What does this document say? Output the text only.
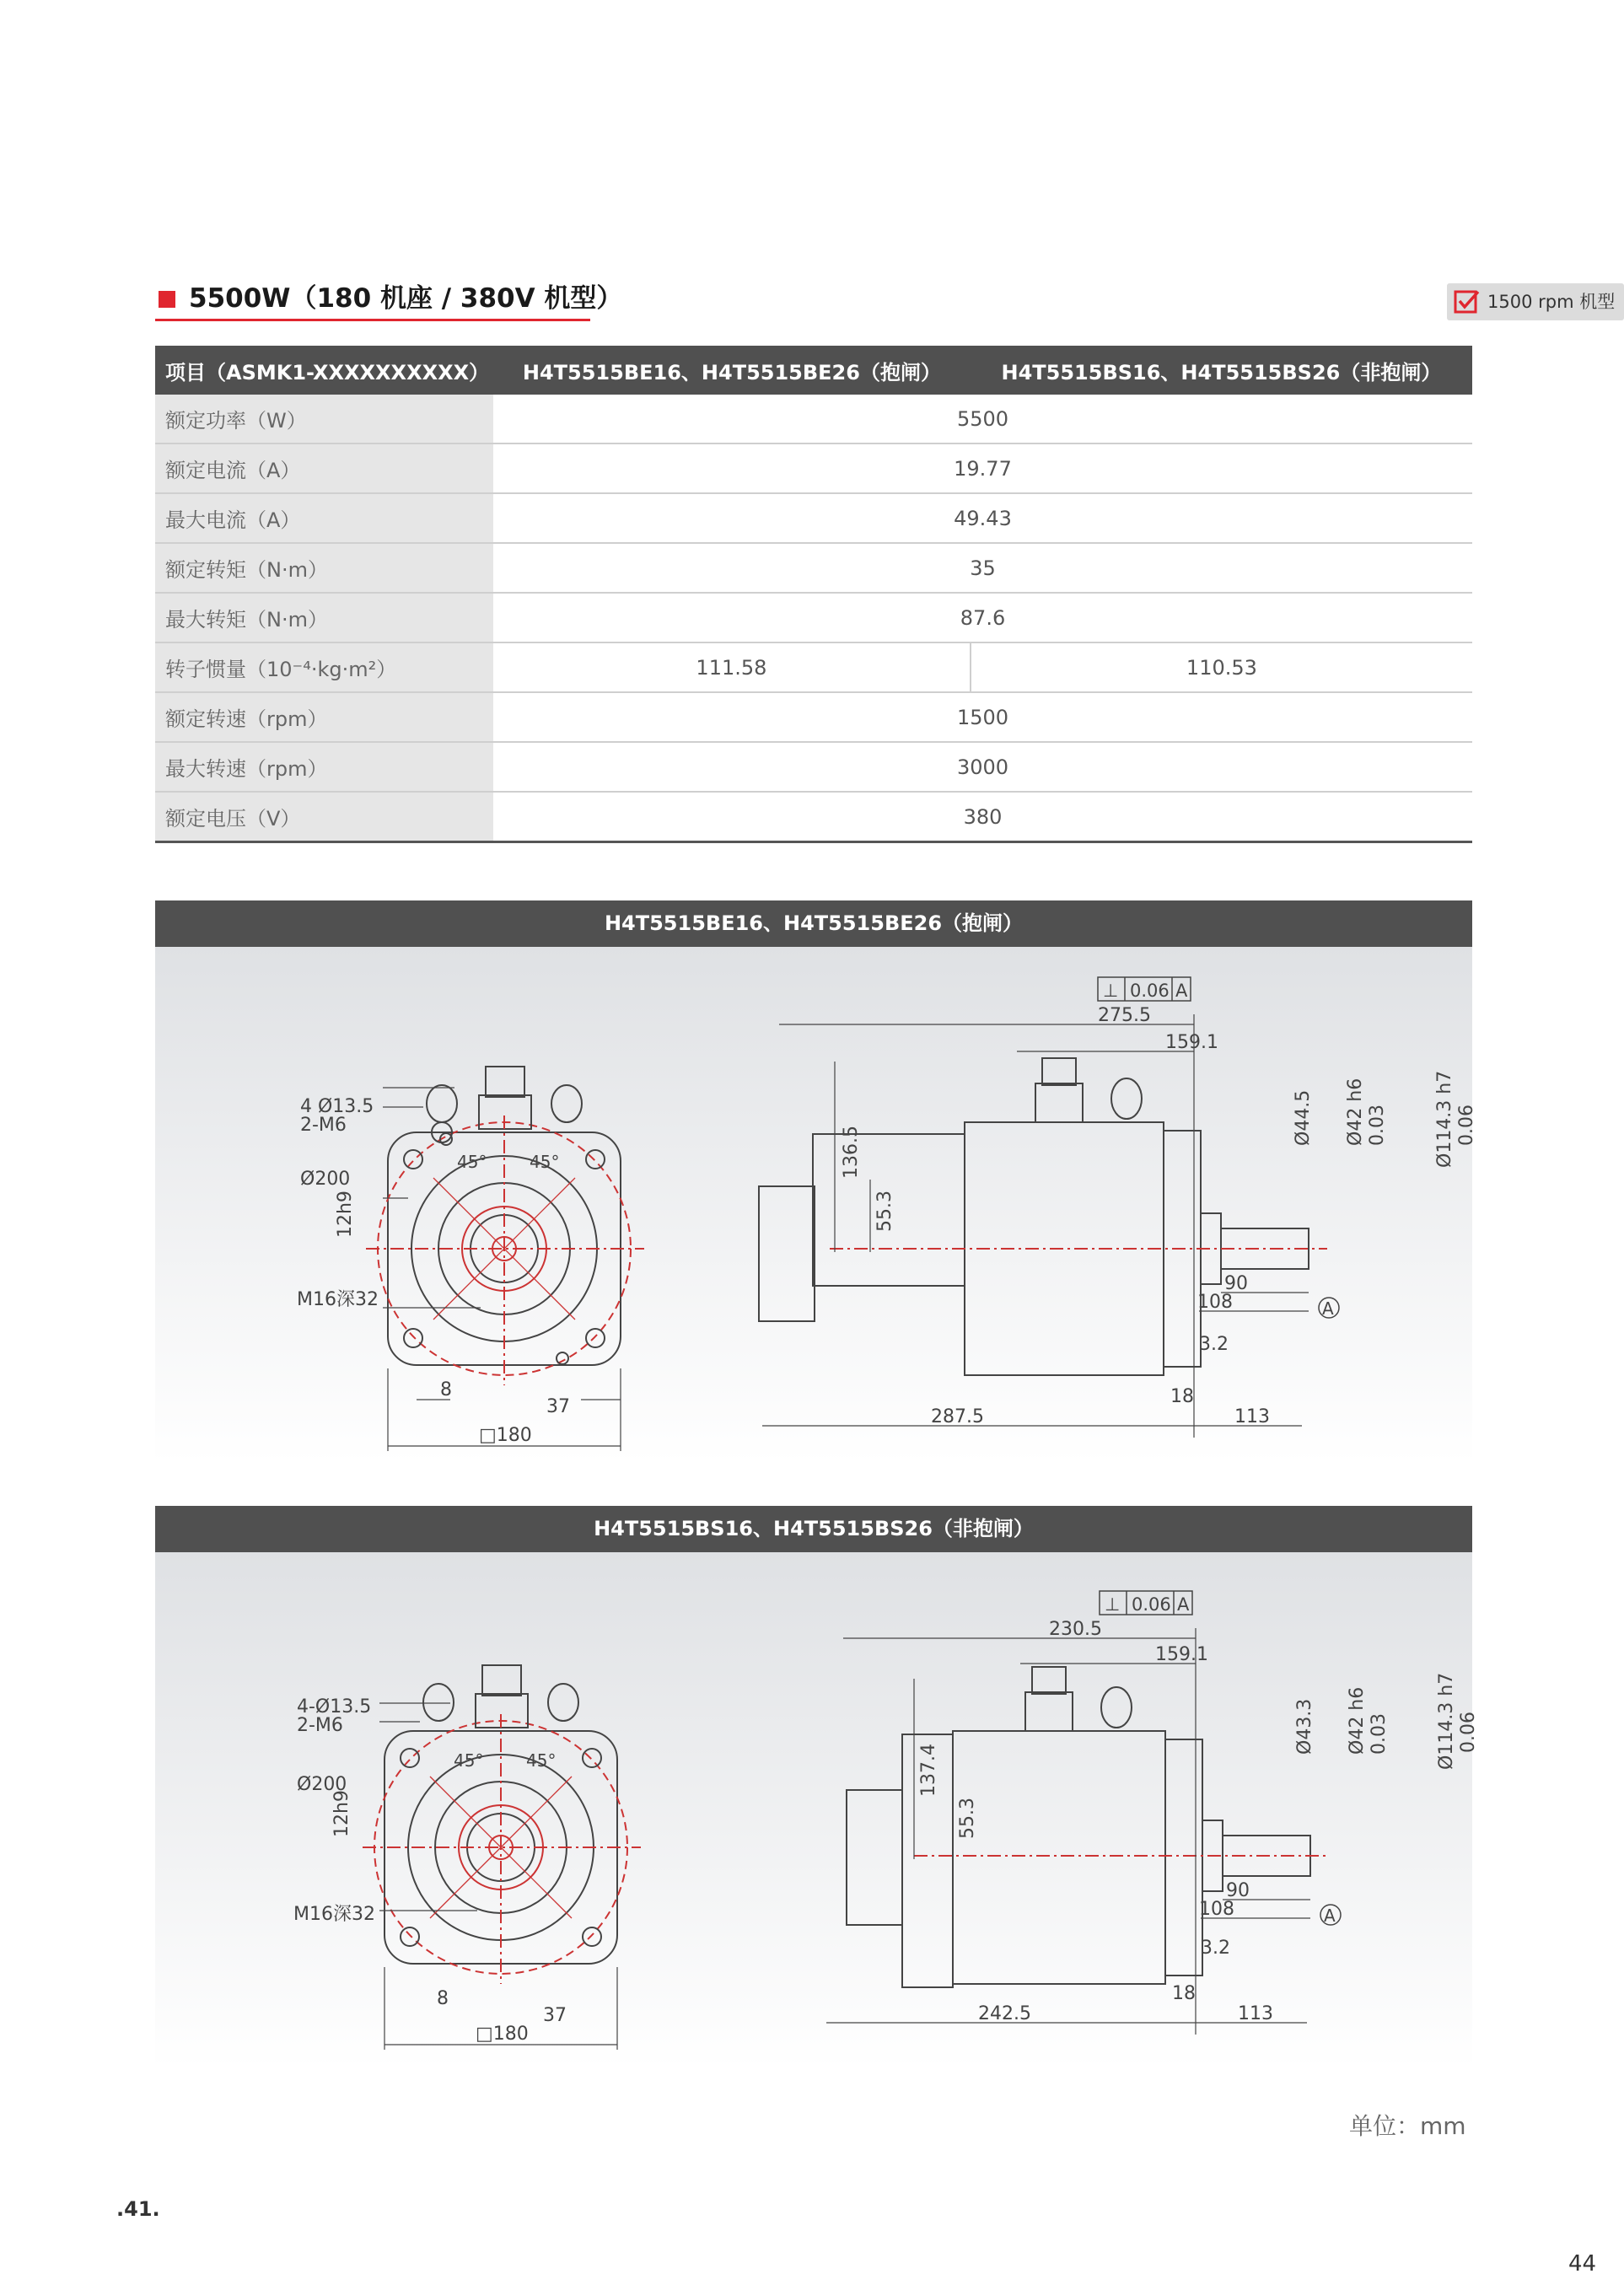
5500W（180 机座 / 380V 机型）	1500 rpm 机型
项目（ASMK1-XXXXXXXXXX）	H4T5515BE16、H4T5515BE26（抱闸）	H4T5515BS16、H4T5515BS26（非抱闸）
额定功率（W）	5500	
额定电流（A）	19.77	
最大电流（A）	49.43	
额定转矩（N·m）	35	
最大转矩（N·m）	87.6	
转子惯量（10⁻⁴·kg·m²）	111.58	110.53
额定转速（rpm）	1500	
最大转速（rpm）	3000	
额定电压（V）	380	
H4T5515BE16、H4T5515BE26（抱闸）
4 Ø13.5
2-M6
Ø200
12h9
M16深32
45°	45°
8
37
□180
⊥ 0.06 A
275.5
159.1
136.5
55.3
Ø44.5 Ø42 h6 0.03	Ø114.3 h7 0.06
90
108
3.2
18
287.5	113
A
H4T5515BS16、H4T5515BS26（非抱闸）
4-Ø13.5
2-M6
Ø200
12h9
M16深32
45°	45°
8
37
□180
⊥ 0.06 A
230.5
159.1
137.4
55.3
Ø43.3 Ø42 h6 0.03	Ø114.3 h7 0.06
90
108
3.2
18
242.5	113
A
单位：mm
.41.
44
